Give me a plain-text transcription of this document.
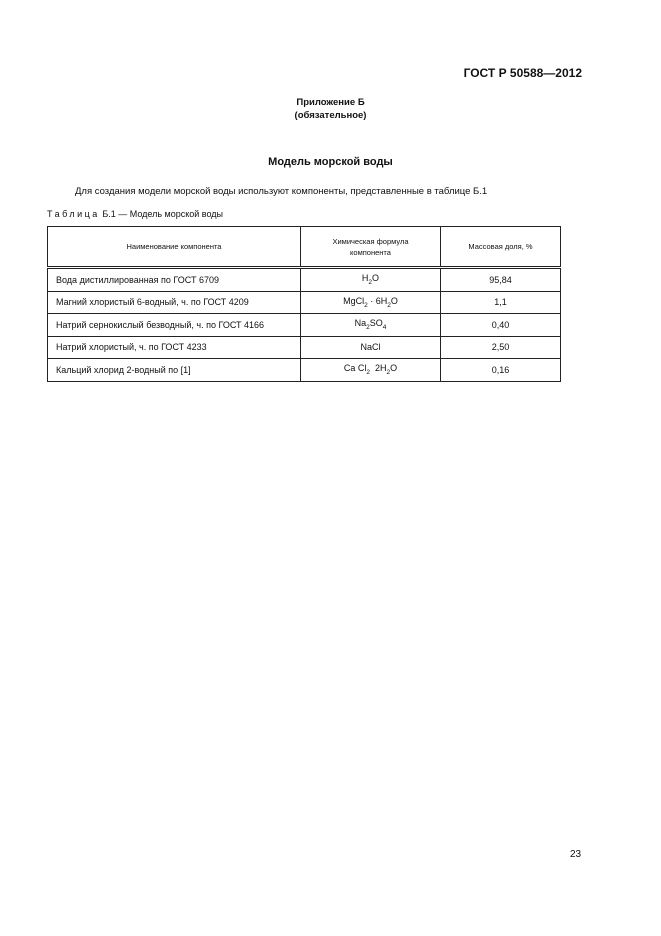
ГОСТ Р 50588—2012
Приложение Б
(обязательное)
Модель морской воды
Для создания модели морской воды используют компоненты, представленные в таблице Б.1
Таблица Б.1 — Модель морской воды
Наименование компонента	Химическая формула компонента	Массовая доля, %
Вода дистиллированная по ГОСТ 6709	$H_2O$	95,84
Магний хлористый 6-водный, ч. по ГОСТ 4209	MgCl$_2$ · $6H_2O$	1,1
Натрий сернокислый безводный, ч. по ГОСТ 4166	$Na_2SO_4$	0,40
Натрий хлористый, ч. по ГОСТ 4233	NaCl	2,50
Кальций хлорид 2-водный по [1]	Ca $Cl_2$  $2H_2O$	0,16
23
